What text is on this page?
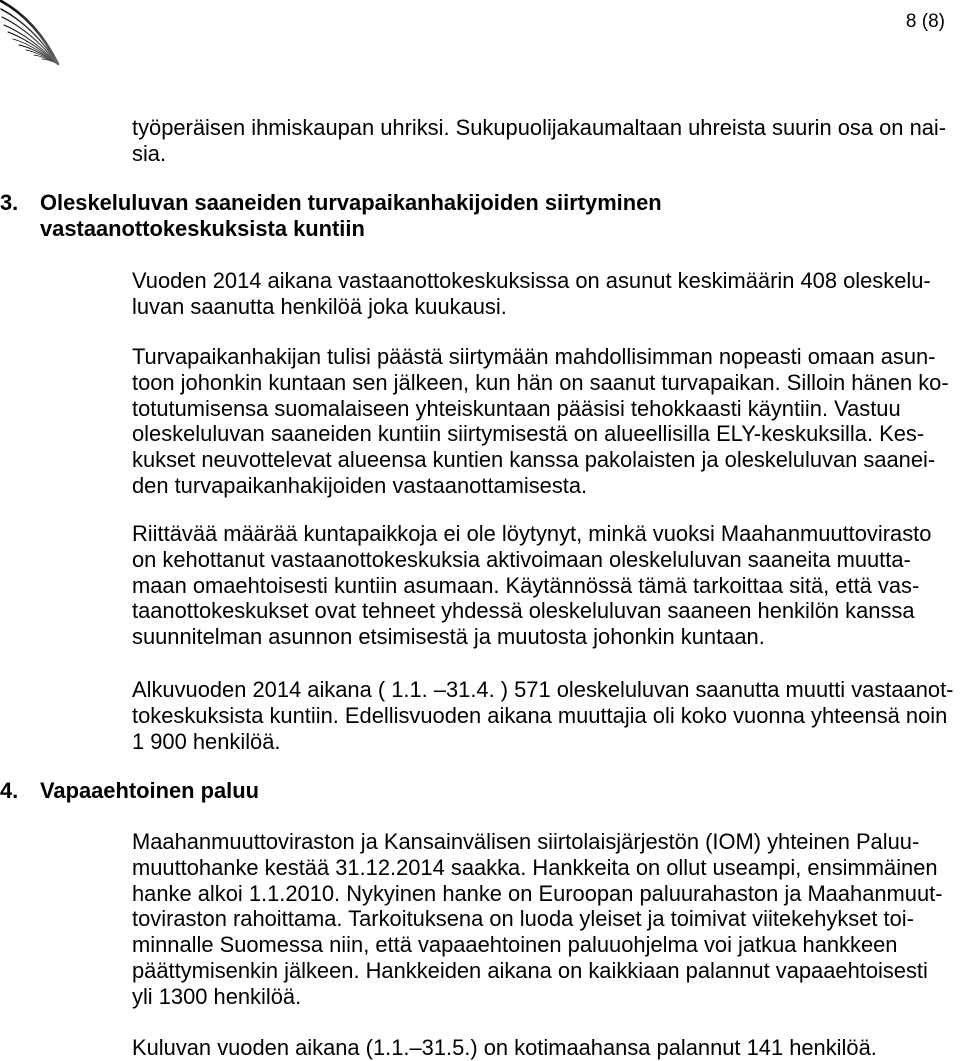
8 (8)
työperäisen ihmiskaupan uhriksi. Sukupuolijakaumaltaan uhreista suurin osa on nai-
sia.
3. Oleskeluluvan saaneiden turvapaikanhakijoiden siirtyminen
vastaanottokeskuksista kuntiin
Vuoden 2014 aikana vastaanottokeskuksissa on asunut keskimäärin 408 oleskelu-
luvan saanutta henkilöä joka kuukausi.
Turvapaikanhakijan tulisi päästä siirtymään mahdollisimman nopeasti omaan asun-
toon johonkin kuntaan sen jälkeen, kun hän on saanut turvapaikan. Silloin hänen ko-
totutumisensa suomalaiseen yhteiskuntaan pääsisi tehokkaasti käyntiin. Vastuu
oleskeluluvan saaneiden kuntiin siirtymisestä on alueellisilla ELY-keskuksilla. Kes-
kukset neuvottelevat alueensa kuntien kanssa pakolaisten ja oleskeluluvan saanei-
den turvapaikanhakijoiden vastaanottamisesta.
Riittävää määrää kuntapaikkoja ei ole löytynyt, minkä vuoksi Maahanmuuttovirasto
on kehottanut vastaanottokeskuksia aktivoimaan oleskeluluvan saaneita muutta-
maan omaehtoisesti kuntiin asumaan. Käytännössä tämä tarkoittaa sitä, että vas-
taanottokeskukset ovat tehneet yhdessä oleskeluluvan saaneen henkilön kanssa
suunnitelman asunnon etsimisestä ja muutosta johonkin kuntaan.
Alkuvuoden 2014 aikana ( 1.1. –31.4. ) 571 oleskeluluvan saanutta muutti vastaanot-
tokeskuksista kuntiin. Edellisvuoden aikana muuttajia oli koko vuonna yhteensä noin
1 900 henkilöä.
4. Vapaaehtoinen paluu
Maahanmuuttoviraston ja Kansainvälisen siirtolaisjärjestön (IOM) yhteinen Paluu-
muuttohanke kestää 31.12.2014 saakka. Hankkeita on ollut useampi, ensimmäinen
hanke alkoi 1.1.2010. Nykyinen hanke on Euroopan paluurahaston ja Maahanmuut-
toviraston rahoittama. Tarkoituksena on luoda yleiset ja toimivat viitekehykset toi-
minnalle Suomessa niin, että vapaaehtoinen paluuohjelma voi jatkua hankkeen
päättymisenkin jälkeen. Hankkeiden aikana on kaikkiaan palannut vapaaehtoisesti
yli 1300 henkilöä.
Kuluvan vuoden aikana (1.1.–31.5.) on kotimaahansa palannut 141 henkilöä.
